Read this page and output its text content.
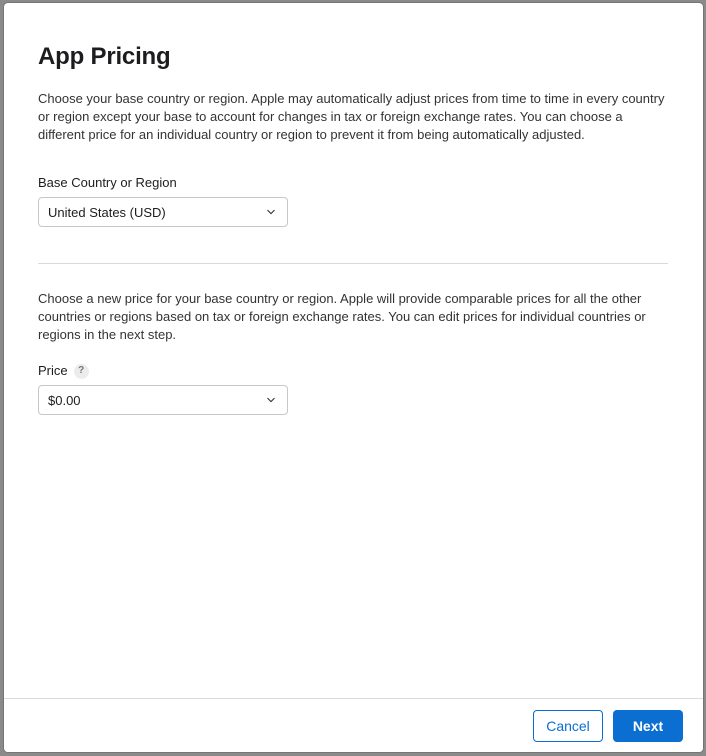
App Pricing

Choose your base country or region. Apple may automatically adjust prices from time to time in every country or region except your base to account for changes in tax or foreign exchange rates. You can choose a different price for an individual country or region to prevent it from being automatically adjusted.

Base Country or Region
United States (USD)

Choose a new price for your base country or region. Apple will provide comparable prices for all the other countries or regions based on tax or foreign exchange rates. You can edit prices for individual countries or regions in the next step.

Price	?
$0.00
Cancel	Next
